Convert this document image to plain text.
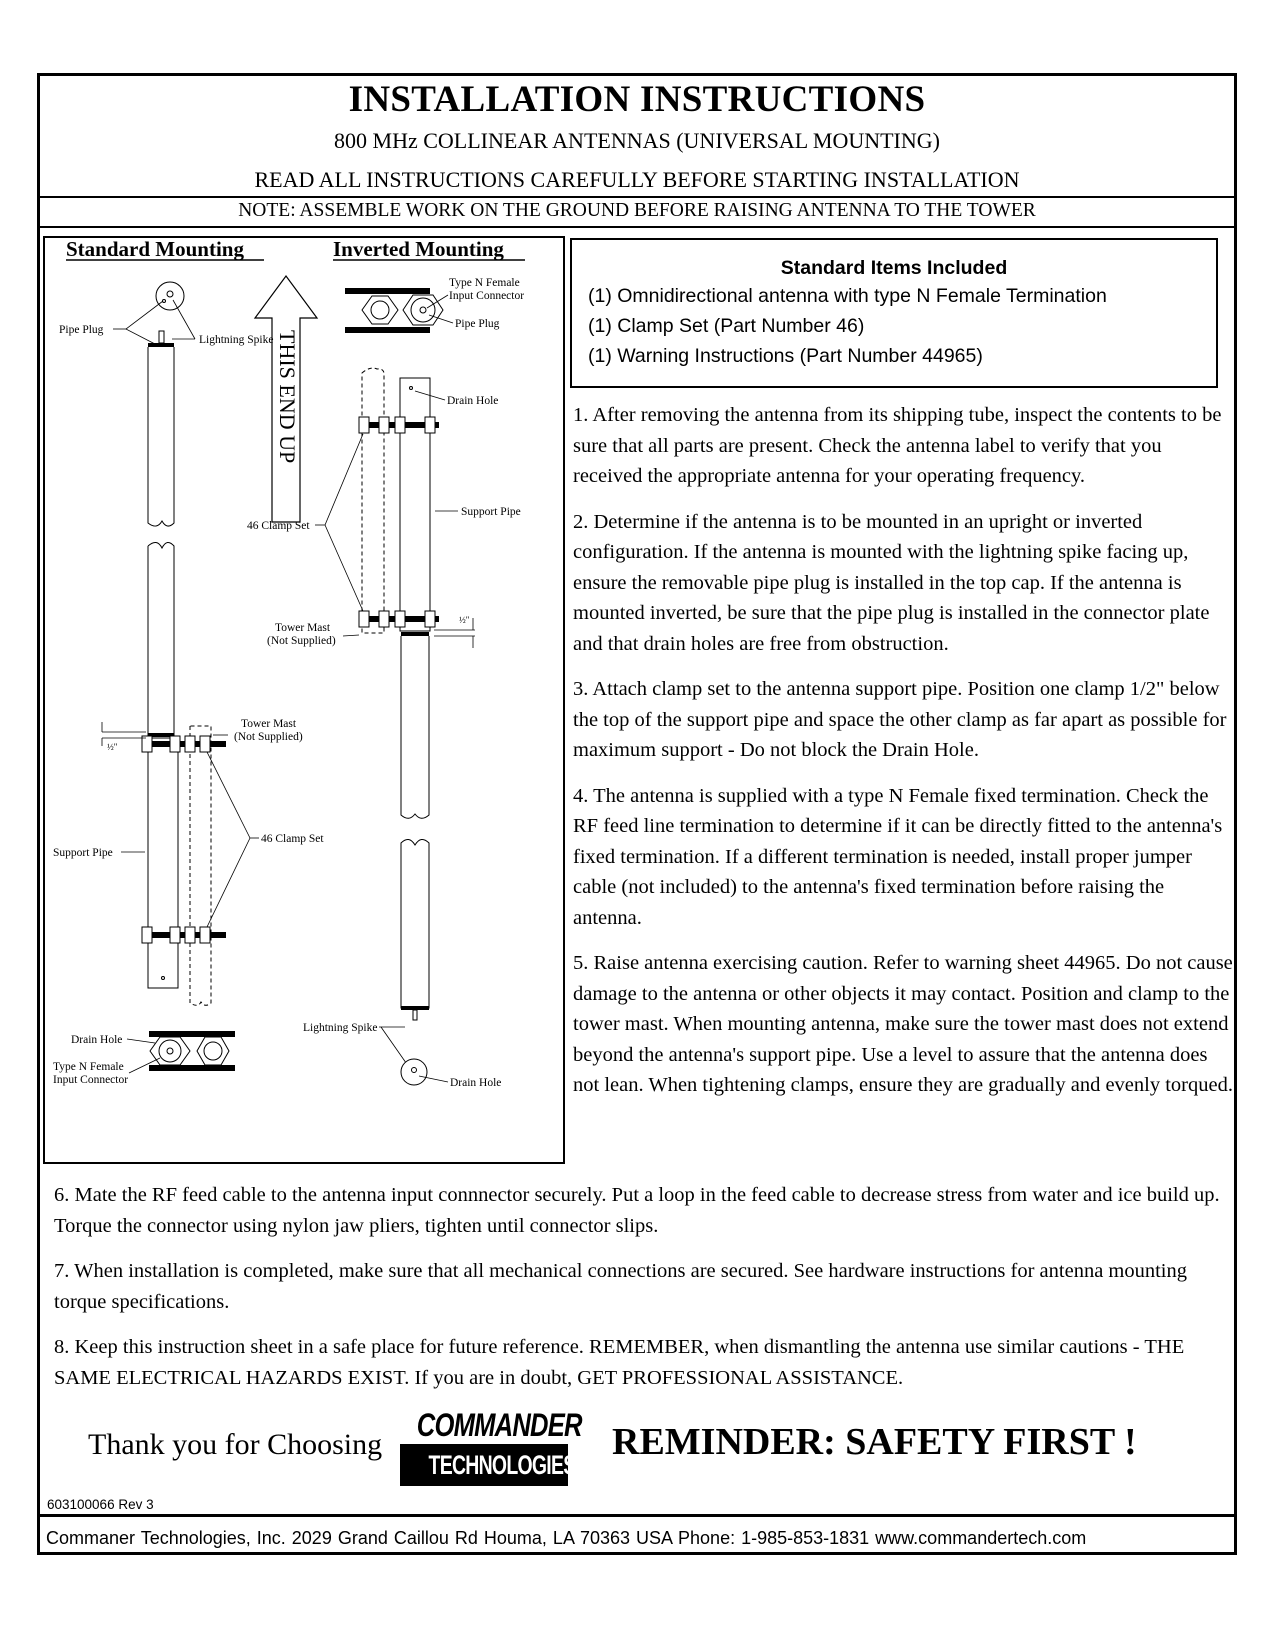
INSTALLATION INSTRUCTIONS
800 MHz COLLINEAR ANTENNAS (UNIVERSAL MOUNTING)
READ ALL INSTRUCTIONS CAREFULLY BEFORE STARTING INSTALLATION
NOTE: ASSEMBLE WORK ON THE GROUND BEFORE RAISING ANTENNA TO THE TOWER
Standard Mounting	Inverted Mounting
THIS END UP
Pipe Plug
Lightning Spike
½"
Tower Mast
(Not Supplied)
46 Clamp Set
Support Pipe
Drain Hole
Type N Female
Input Connector
Type N Female
Input Connector
Pipe Plug
Drain Hole
Support Pipe
46 Clamp Set
Tower Mast
(Not Supplied)
½"
Lightning Spike
Drain Hole
Standard Items Included
(1) Omnidirectional antenna with type N Female Termination
(1) Clamp Set (Part Number 46)
(1) Warning Instructions (Part Number 44965)

1. After removing the antenna from its shipping tube, inspect the contents to be sure that all parts are present. Check the antenna label to verify that you received the appropriate antenna for your operating frequency.

2. Determine if the antenna is to be mounted in an upright or inverted configuration. If the antenna is mounted with the lightning spike facing up, ensure the removable pipe plug is installed in the top cap. If the antenna is mounted inverted, be sure that the pipe plug is installed in the connector plate and that drain holes are free from obstruction.

3. Attach clamp set to the antenna support pipe. Position one clamp 1/2" below the top of the support pipe and space the other clamp as far apart as possible for maximum support - Do not block the Drain Hole.

4. The antenna is supplied with a type N Female fixed termination. Check the RF feed line termination to determine if it can be directly fitted to the antenna's fixed termination. If a different termination is needed, install proper jumper cable (not included) to the antenna's fixed termination before raising the antenna.

5. Raise antenna exercising caution. Refer to warning sheet 44965. Do not cause damage to the antenna or other objects it may contact. Position and clamp to the tower mast. When mounting antenna, make sure the tower mast does not extend beyond the antenna's support pipe. Use a level to assure that the antenna does not lean. When tightening clamps, ensure they are gradually and evenly torqued.

6. Mate the RF feed cable to the antenna input connnector securely. Put a loop in the feed cable to decrease stress from water and ice build up. Torque the connector using nylon jaw pliers, tighten until connector slips.

7. When installation is completed, make sure that all mechanical connections are secured. See hardware instructions for antenna mounting torque specifications.

8. Keep this instruction sheet in a safe place for future reference. REMEMBER, when dismantling the antenna use similar cautions - THE SAME ELECTRICAL HAZARDS EXIST. If you are in doubt, GET PROFESSIONAL ASSISTANCE.

Thank you for Choosing
COMMANDER
TECHNOLOGIES
REMINDER: SAFETY FIRST !
603100066 Rev 3
Commaner Technologies, Inc. 2029 Grand Caillou Rd Houma, LA 70363 USA Phone: 1-985-853-1831 www.commandertech.com
